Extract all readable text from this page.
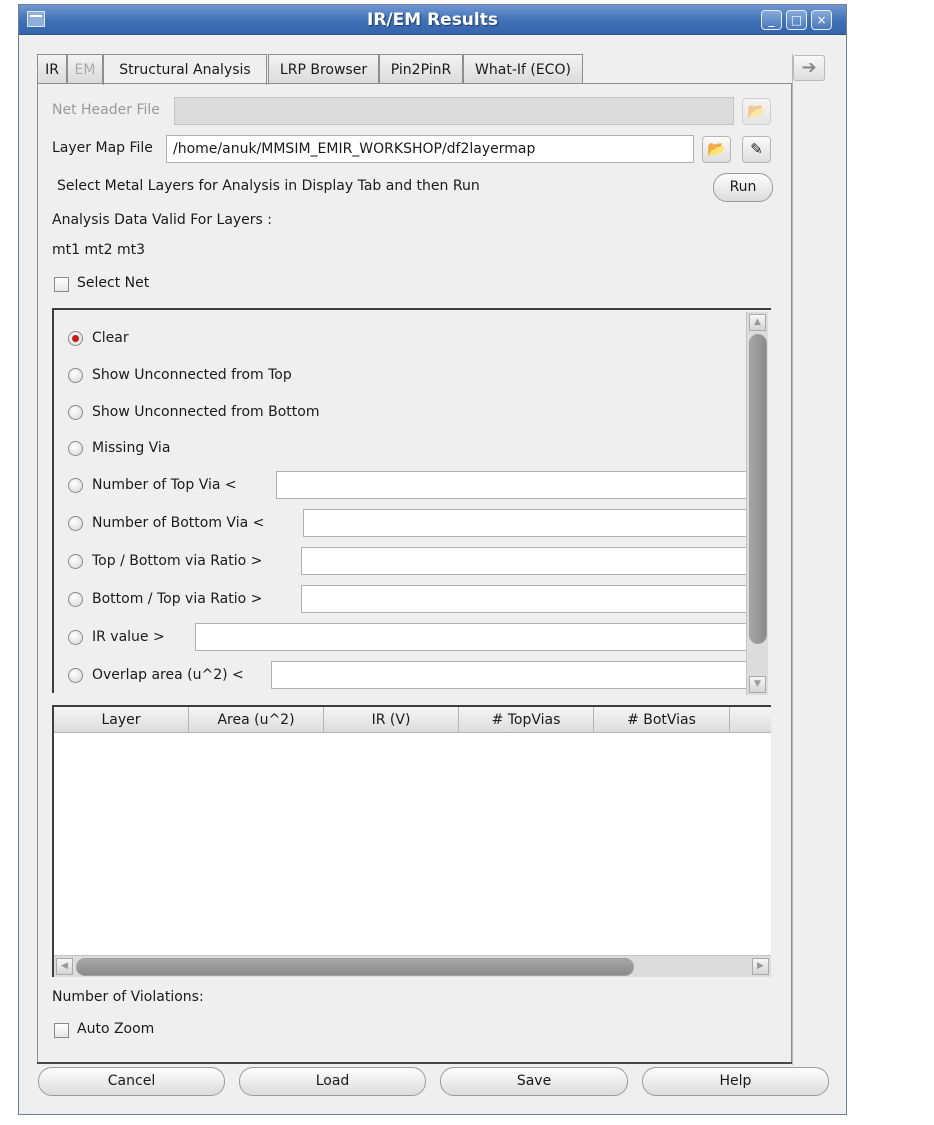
IR/EM Results	_	□	×
IR	EM	Structural Analysis	LRP Browser	Pin2PinR	What-If (ECO)	➔
Net Header File	📂
Layer Map File	/home/anuk/MMSIM_EMIR_WORKSHOP/df2layermap	📂	✎
Select Metal Layers for Analysis in Display Tab and then Run	Run
Analysis Data Valid For Layers :
mt1 mt2 mt3
Select Net
Clear
Show Unconnected from Top
Show Unconnected from Bottom
Missing Via
Number of Top Via <
Number of Bottom Via <
Top / Bottom via Ratio >
Bottom / Top via Ratio >
IR value >
Overlap area (u^2) <
▲
▼
Layer	Area (u^2)	IR (V)	# TopVias	# BotVias
◀	▶
Number of Violations:
Auto Zoom
Cancel	Load	Save	Help
